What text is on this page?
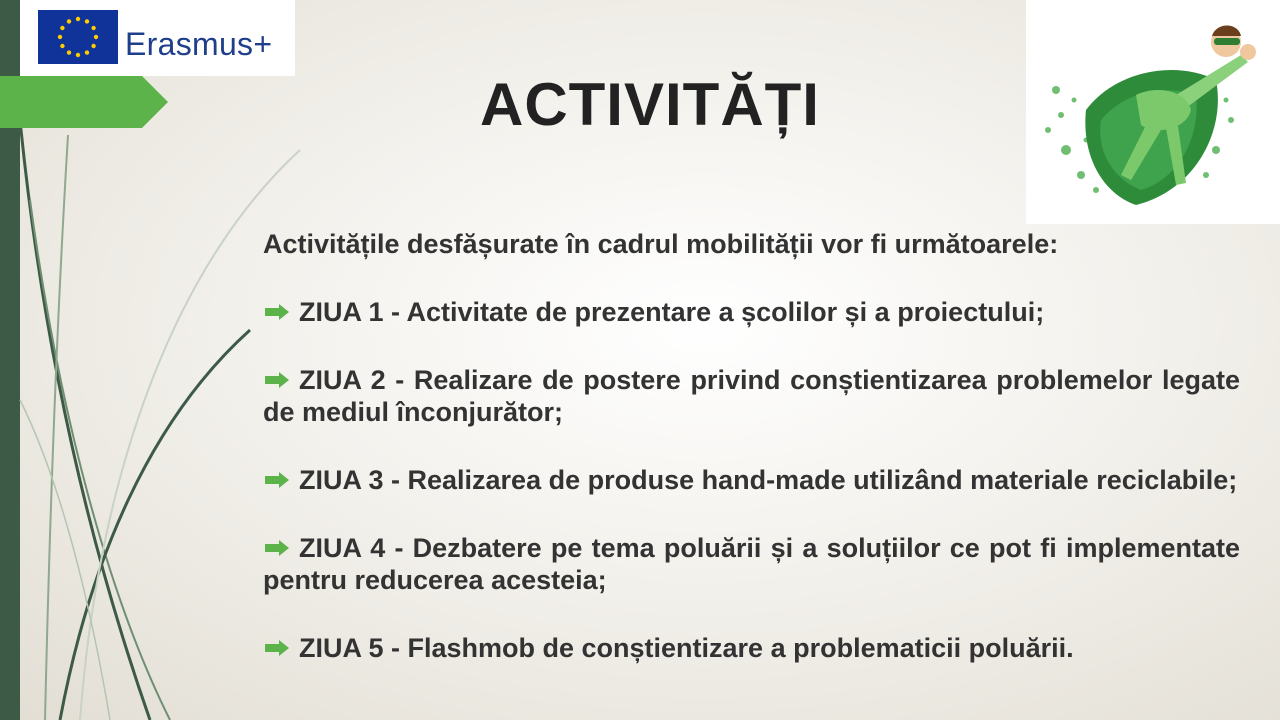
Erasmus+
ACTIVITĂȚI
Activitățile desfășurate în cadrul mobilității vor fi următoarele:
ZIUA 1 - Activitate de prezentare a școlilor și a proiectului;
ZIUA 2 - Realizare de postere privind conștientizarea problemelor legate de mediul înconjurător;
ZIUA 3 - Realizarea de produse hand-made utilizând materiale reciclabile;
ZIUA 4 - Dezbatere pe tema poluării și a soluțiilor ce pot fi implementate pentru reducerea acesteia;
ZIUA 5 - Flashmob de conștientizare a problematicii poluării.
